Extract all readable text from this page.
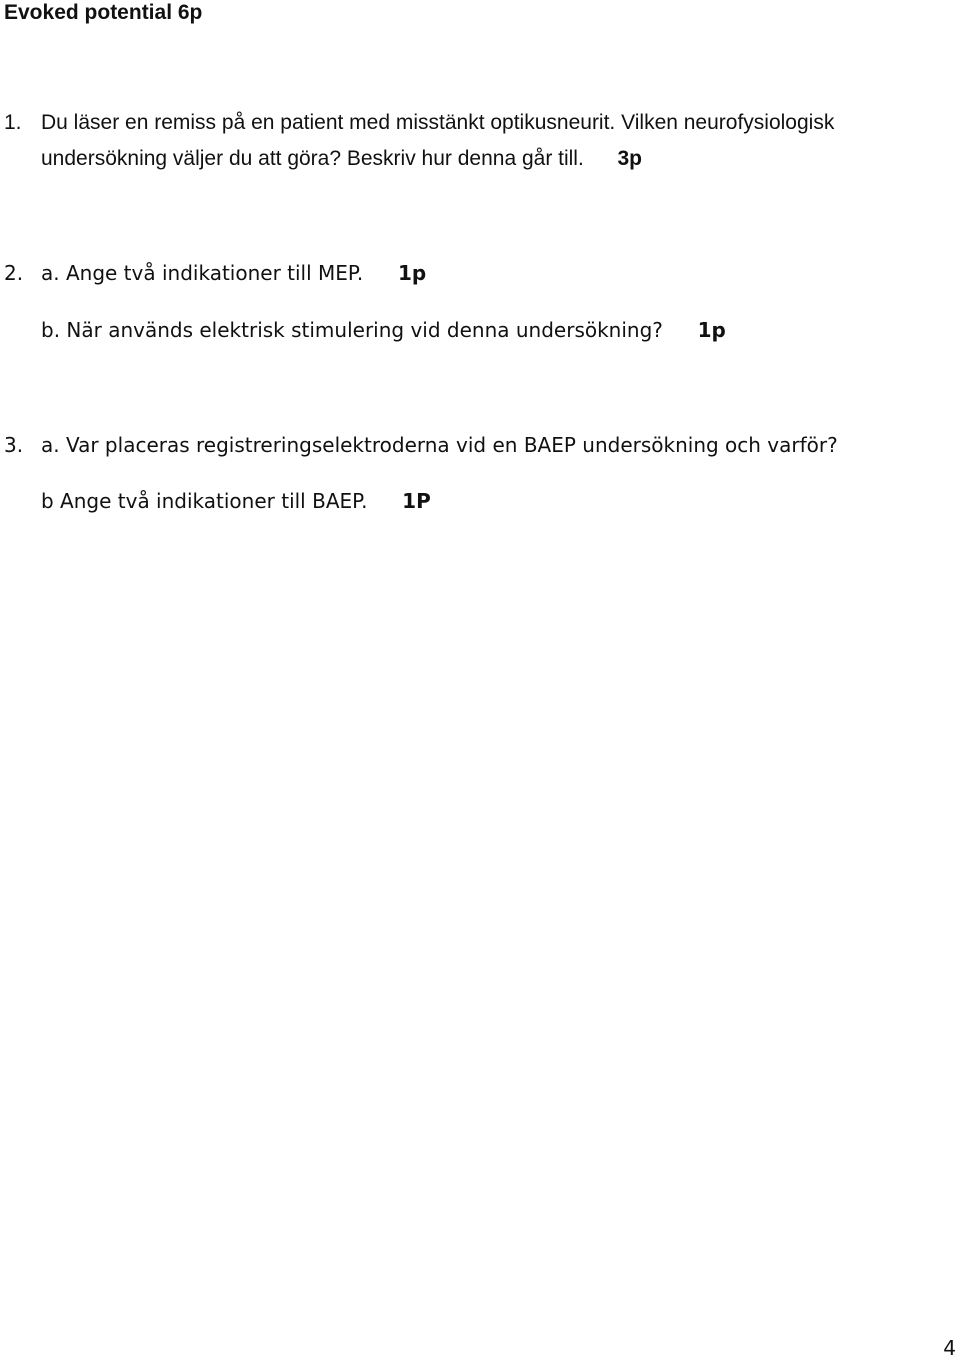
Evoked potential 6p
1. Du läser en remiss på en patient med misstänkt optikusneurit. Vilken neurofysiologisk
undersökning väljer du att göra? Beskriv hur denna går till. 3p
2. a. Ange två indikationer till MEP. 1p
b. När används elektrisk stimulering vid denna undersökning? 1p
3. a. Var placeras registreringselektroderna vid en BAEP undersökning och varför?
b Ange två indikationer till BAEP. 1P
4
